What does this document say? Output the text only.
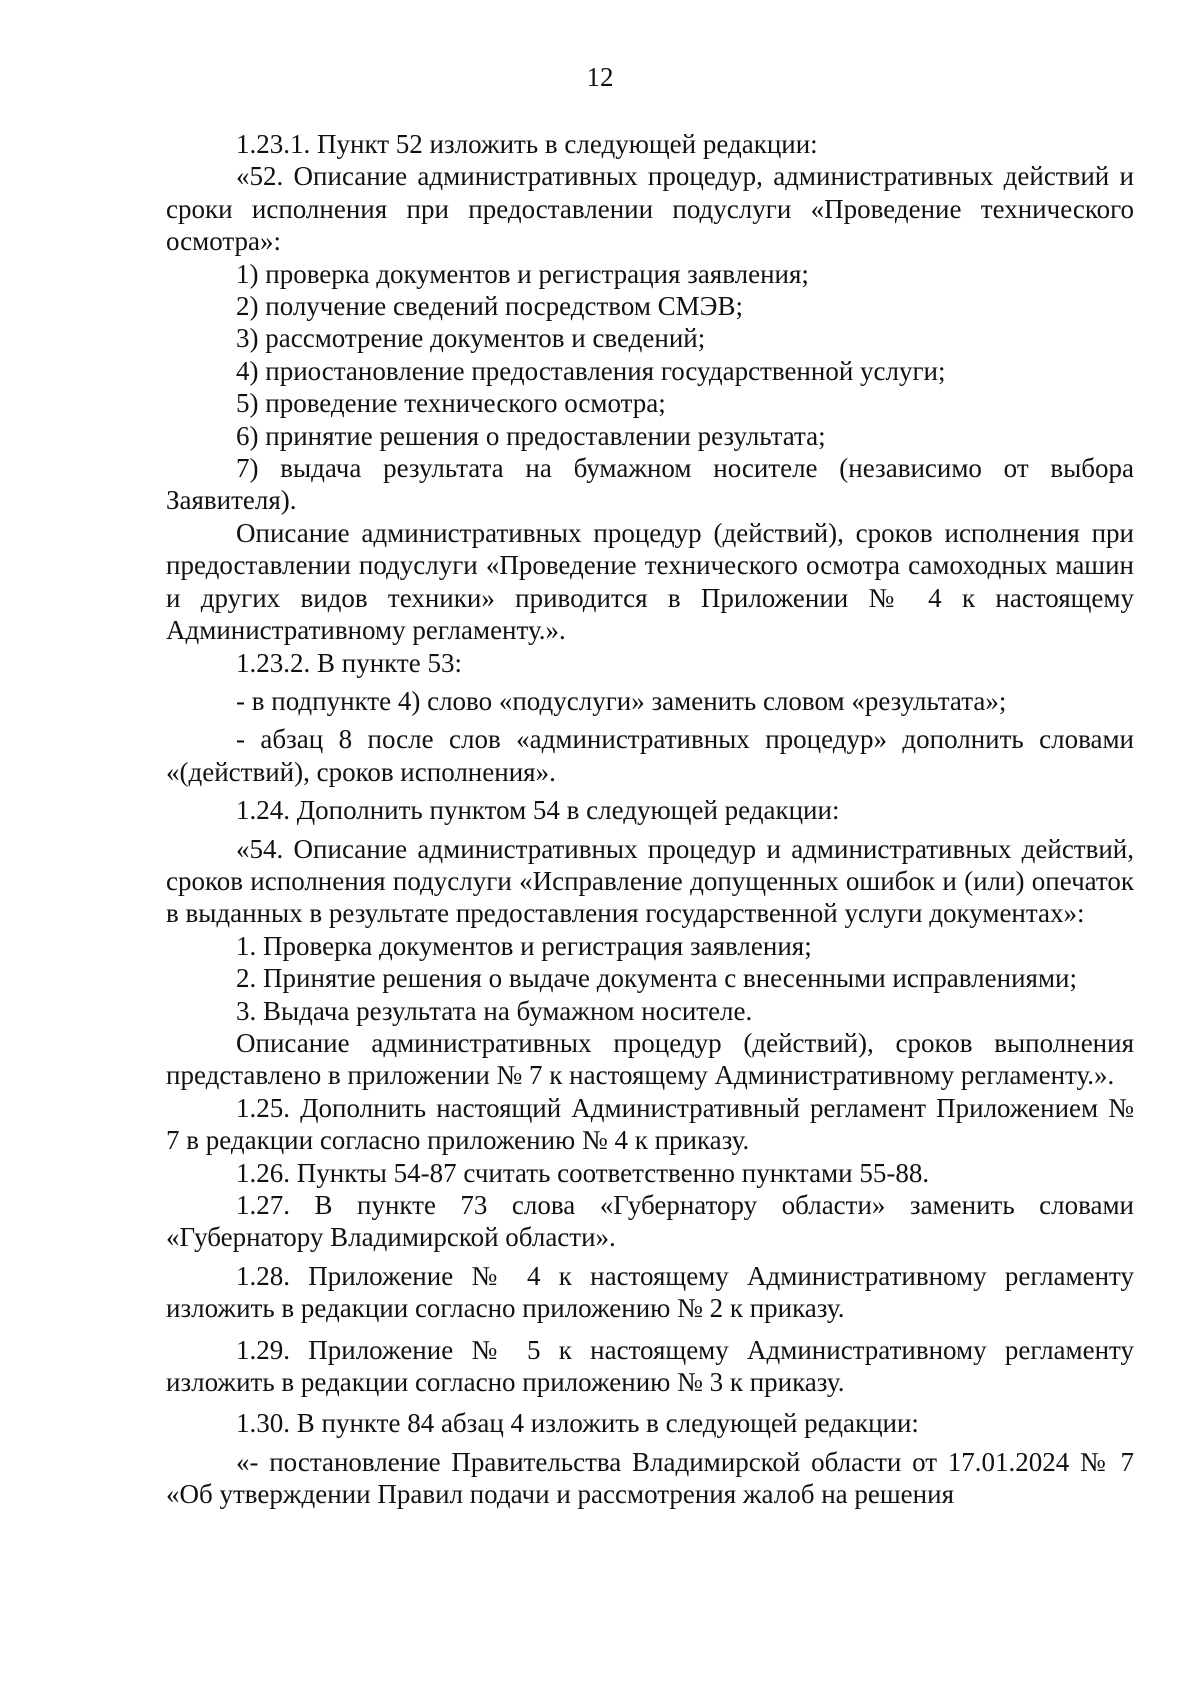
12

1.23.1. Пункт 52 изложить в следующей редакции:

«52. Описание административных процедур, административных действий и сроки исполнения при предоставлении подуслуги «Проведение технического осмотра»:

1) проверка документов и регистрация заявления;

2) получение сведений посредством СМЭВ;

3) рассмотрение документов и сведений;

4) приостановление предоставления государственной услуги;

5) проведение технического осмотра;

6) принятие решения о предоставлении результата;

7) выдача результата на бумажном носителе (независимо от выбора Заявителя).

Описание административных процедур (действий), сроков исполнения при предоставлении подуслуги «Проведение технического осмотра самоходных машин и других видов техники» приводится в Приложении № 4 к настоящему Административному регламенту.».

1.23.2. В пункте 53:

- в подпункте 4) слово «подуслуги» заменить словом «результата»;

- абзац 8 после слов «административных процедур» дополнить словами «(действий), сроков исполнения».

1.24. Дополнить пунктом 54 в следующей редакции:

«54. Описание административных процедур и административных действий, сроков исполнения подуслуги «Исправление допущенных ошибок и (или) опечаток в выданных в результате предоставления государственной услуги документах»:

1. Проверка документов и регистрация заявления;

2. Принятие решения о выдаче документа с внесенными исправлениями;

3. Выдача результата на бумажном носителе.

Описание административных процедур (действий), сроков выполнения представлено в приложении № 7 к настоящему Административному регламенту.».

1.25. Дополнить настоящий Административный регламент Приложением № 7 в редакции согласно приложению № 4 к приказу.

1.26. Пункты 54-87 считать соответственно пунктами 55-88.

1.27. В пункте 73 слова «Губернатору области» заменить словами «Губернатору Владимирской области».

1.28. Приложение № 4 к настоящему Административному регламенту изложить в редакции согласно приложению № 2 к приказу.

1.29. Приложение № 5 к настоящему Административному регламенту изложить в редакции согласно приложению № 3 к приказу.

1.30. В пункте 84 абзац 4 изложить в следующей редакции:

«- постановление Правительства Владимирской области от 17.01.2024 № 7 «Об утверждении Правил подачи и рассмотрения жалоб на решения
